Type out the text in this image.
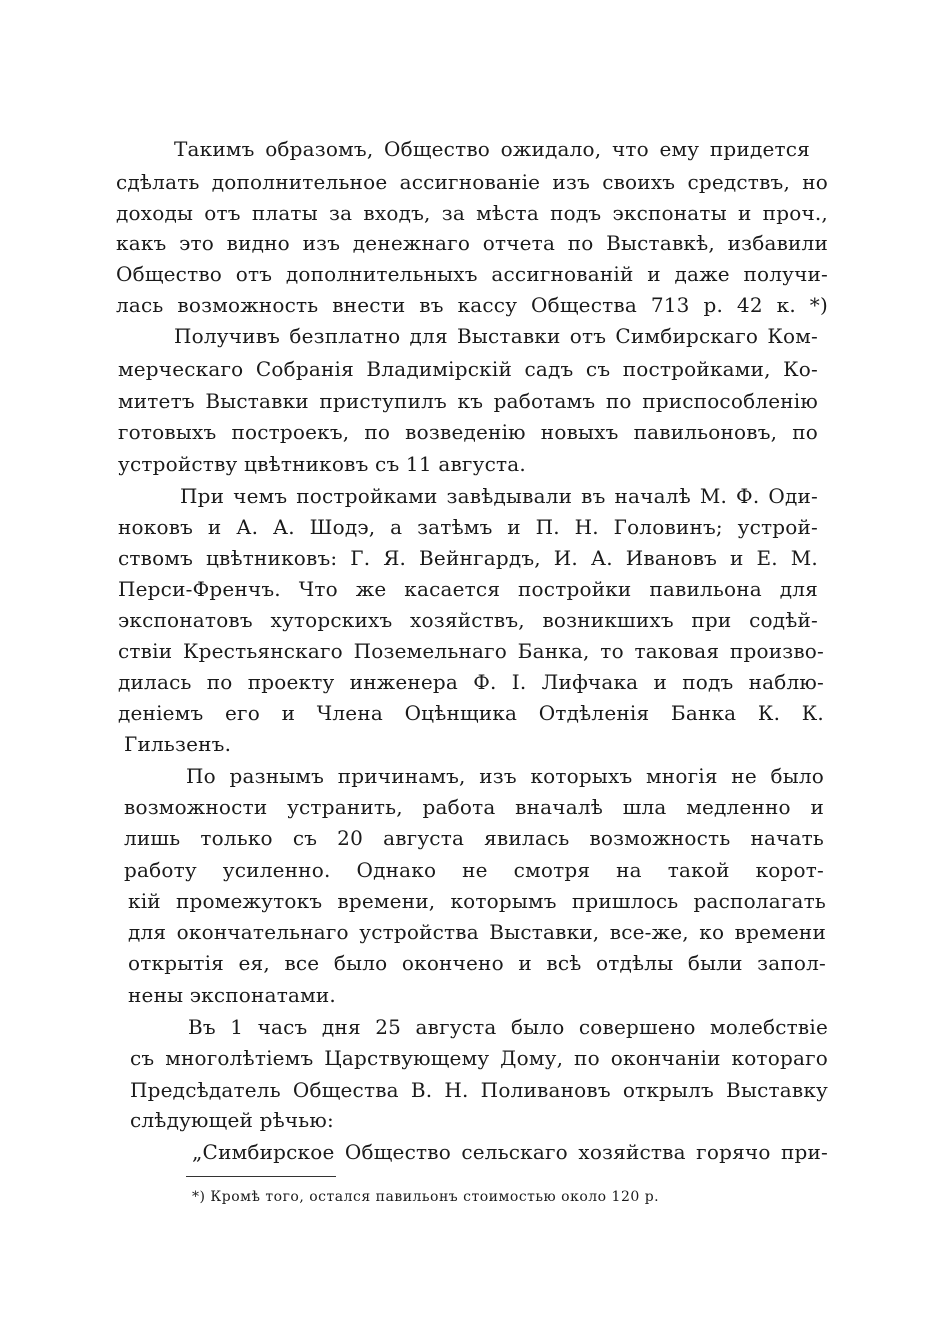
Такимъ образомъ, Общество ожидало, что ему придется
сдѣлать дополнительное ассигнованіе изъ своихъ средствъ, но
доходы отъ платы за входъ, за мѣста подъ экспонаты и проч.,
какъ это видно изъ денежнаго отчета по Выставкѣ, избавили
Общество отъ дополнительныхъ ассигнованій и даже получи-
лась возможность внести въ кассу Общества 713 р. 42 к. *)
Получивъ безплатно для Выставки отъ Симбирскаго Ком-
мерческаго Собранія Владимірскій садъ съ постройками, Ко-
митетъ Выставки приступилъ къ работамъ по приспособленію
готовыхъ построекъ, по возведенію новыхъ павильоновъ, по
устройству цвѣтниковъ съ 11 августа.
При чемъ постройками завѣдывали въ началѣ М. Ф. Оди-
ноковъ и А. А. Шодэ, а затѣмъ и П. Н. Головинъ; устрой-
ствомъ цвѣтниковъ: Г. Я. Вейнгардъ, И. А. Ивановъ и Е. М.
Перси-Френчъ. Что же касается постройки павильона для
экспонатовъ хуторскихъ хозяйствъ, возникшихъ при содѣй-
ствіи Крестьянскаго Поземельнаго Банка, то таковая произво-
дилась по проекту инженера Ф. І. Лифчака и подъ наблю-
деніемъ его и Члена Оцѣнщика Отдѣленія Банка К. К.
Гильзенъ.
По разнымъ причинамъ, изъ которыхъ многія не было
возможности устранить, работа вначалѣ шла медленно и
лишь только съ 20 августа явилась возможность начать
работу усиленно. Однако не смотря на такой корот-
кій промежутокъ времени, которымъ пришлось располагать
для окончательнаго устройства Выставки, все-же, ко времени
открытія ея, все было окончено и всѣ отдѣлы были запол-
нены экспонатами.
Въ 1 часъ дня 25 августа было совершено молебствіе
съ многолѣтіемъ Царствующему Дому, по окончаніи котораго
Предсѣдатель Общества В. Н. Поливановъ открылъ Выставку
слѣдующей рѣчью:
„Симбирское Общество сельскаго хозяйства горячо при-
*) Кромѣ того, остался павильонъ стоимостью около 120 р.
